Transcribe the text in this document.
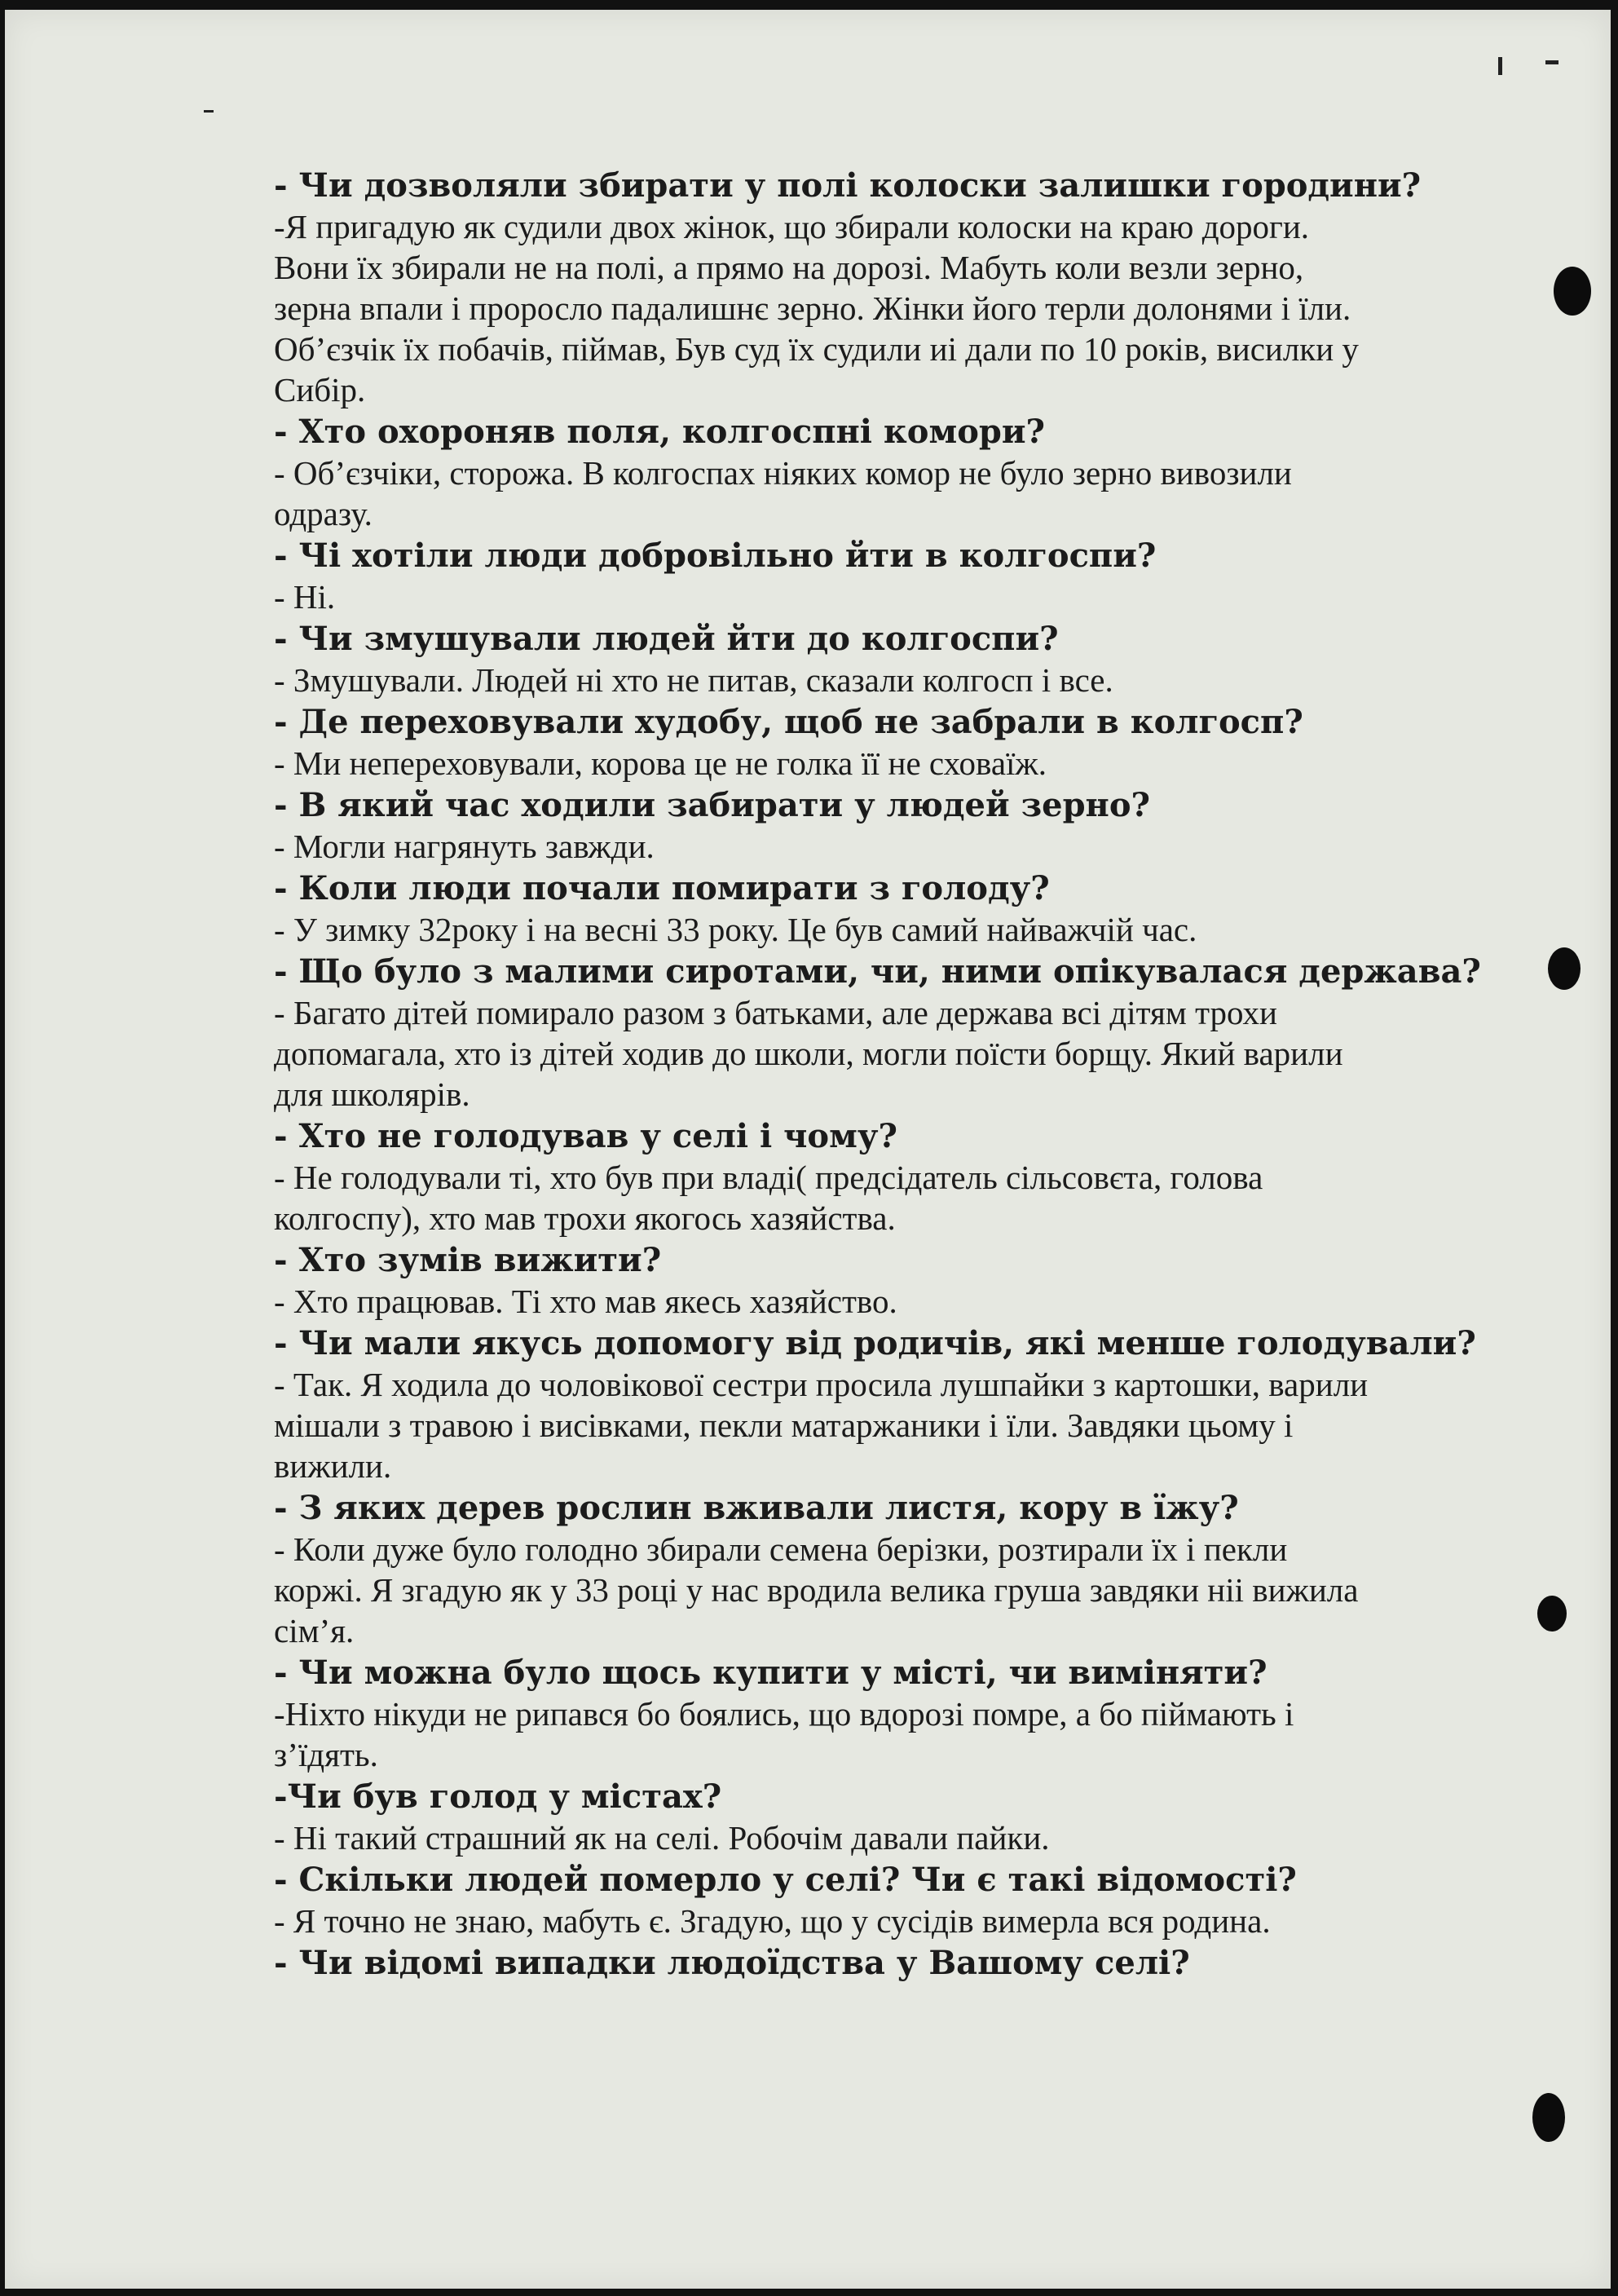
- Чи дозволяли збирати у полі колоски залишки городини?

-Я пригадую як судили двох жінок, що збирали колоски на краю дороги.

Вони їх збирали не на полі, а прямо на дорозі. Мабуть коли везли зерно,

зерна впали і проросло падалишнє зерно. Жінки його терли долонями і їли.

Об’єзчік їх побачів, піймав, Був суд їх судили иі дали по 10 років, висилки у

Сибір.

- Хто охороняв поля, колгоспні комори?

- Об’єзчіки, сторожа. В колгоспах ніяких комор не було зерно вивозили

одразу.

- Чі хотіли люди добровільно йти в колгоспи?

- Ні.

- Чи змушували людей йти до колгоспи?

- Змушували. Людей ні хто не питав, сказали колгосп і все.

- Де переховували худобу, щоб не забрали в колгосп?

- Ми непереховували, корова це не голка її не сховаїж.

- В який час ходили забирати у людей зерно?

- Могли нагрянуть завжди.

- Коли люди почали помирати з голоду?

- У зимку 32року і на весні 33 року. Це був самий найважчій час.

- Що було з малими сиротами, чи, ними опікувалася держава?

- Багато дітей помирало разом з батьками, але держава всі дітям трохи

допомагала, хто із дітей ходив до школи, могли поїсти борщу. Який варили

для школярів.

- Хто не голодував у селі і чому?

- Не голодували ті, хто був при владі( предсідатель сільсовєта, голова

колгоспу), хто мав трохи якогось хазяйства.

- Хто зумів вижити?

- Хто працював. Ті хто мав якесь хазяйство.

- Чи мали якусь допомогу від родичів, які менше голодували?

- Так. Я ходила до чоловікової сестри просила лушпайки з картошки, варили

мішали з травою і висівками, пекли матаржаники і їли. Завдяки цьому і

вижили.

- З яких дерев рослин вживали листя, кору в їжу?

- Коли дуже було голодно збирали семена берізки, розтирали їх і пекли

коржі. Я згадую як у 33 році у нас вродила велика груша завдяки ніі вижила

сім’я.

- Чи можна було щось купити у місті, чи виміняти?

-Ніхто нікуди не рипався бо боялись, що вдорозі помре, а бо піймають і

з’їдять.

-Чи був голод у містах?

- Ні такий страшний як на селі. Робочім давали пайки.

- Скільки людей померло у селі? Чи є такі відомості?

- Я точно не знаю, мабуть є. Згадую, що у сусідів вимерла вся родина.

- Чи відомі випадки людоїдства у Вашому селі?
